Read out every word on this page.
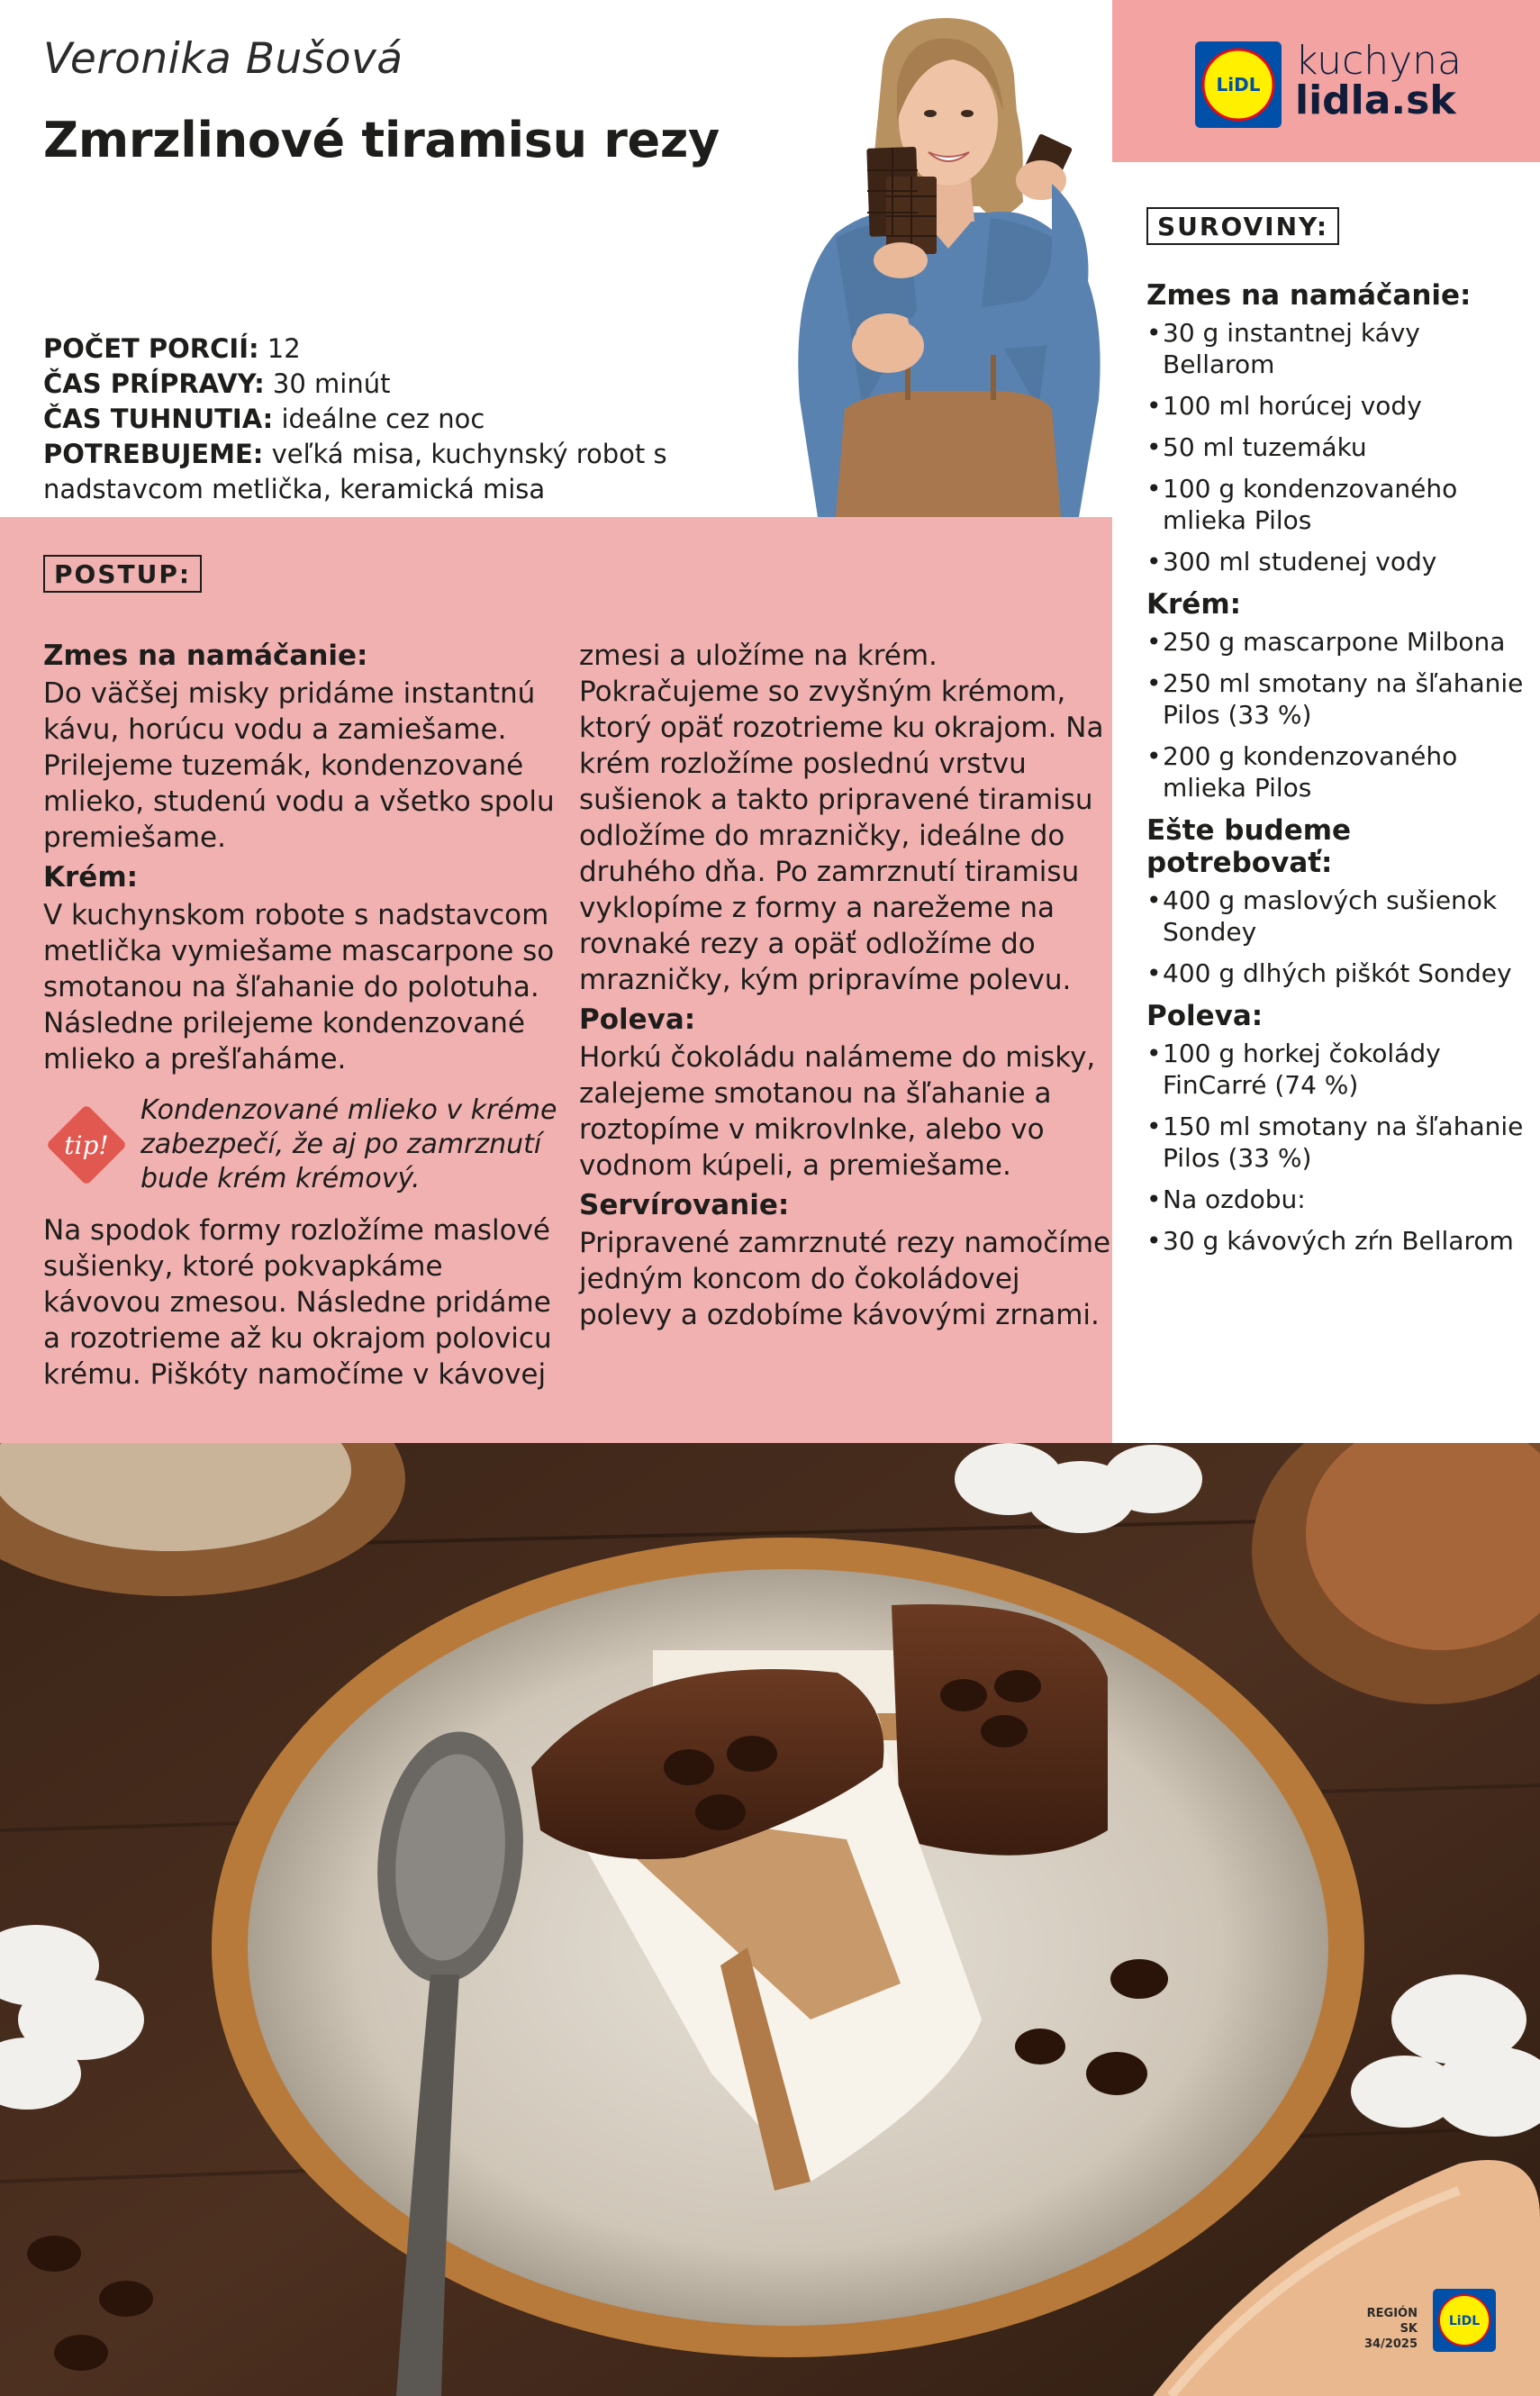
Veronika Bušová
Zmrzlinové tiramisu rezy
POČET PORCIÍ: 12
ČAS PRÍPRAVY: 30 minút
ČAS TUHNUTIA: ideálne cez noc
POTREBUJEME: veľká misa, kuchynský robot s nadstavcom metlička, keramická misa
LiDL
kuchyna
lidla.sk
SUROVINY:
Zmes na namáčanie:
• 30 g instantnej kávy Bellarom
• 100 ml horúcej vody
• 50 ml tuzemáku
• 100 g kondenzovaného mlieka Pilos
• 300 ml studenej vody
Krém:
• 250 g mascarpone Milbona
• 250 ml smotany na šľahanie Pilos (33 %)
• 200 g kondenzovaného mlieka Pilos
Ešte budeme potrebovať:
• 400 g maslových sušienok Sondey
• 400 g dlhých piškót Sondey
Poleva:
• 100 g horkej čokolády FinCarré (74 %)
• 150 ml smotany na šľahanie Pilos (33 %)
• Na ozdobu:
• 30 g kávových zŕn Bellarom
POSTUP:
Zmes na namáčanie:

Do väčšej misky pridáme instantnú kávu, horúcu vodu a zamiešame. Prilejeme tuzemák, kondenzované mlieko, studenú vodu a všetko spolu premiešame.

Krém:

V kuchynskom robote s nadstavcom metlička vymiešame mascarpone so smotanou na šľahanie do polotuha. Následne prilejeme kondenzované mlieko a prešľaháme.

tip!

Kondenzované mlieko v kréme zabezpečí, že aj po zamrznutí bude krém krémový.

Na spodok formy rozložíme maslové sušienky, ktoré pokvapkáme kávovou zmesou. Následne pridáme a rozotrieme až ku okrajom polovicu krému. Piškóty namočíme v kávovej

zmesi a uložíme na krém. Pokračujeme so zvyšným krémom, ktorý opäť rozotrieme ku okrajom. Na krém rozložíme poslednú vrstvu sušienok a takto pripravené tiramisu odložíme do mrazničky, ideálne do druhého dňa. Po zamrznutí tiramisu vyklopíme z formy a narežeme na rovnaké rezy a opäť odložíme do mrazničky, kým pripravíme polevu.

Poleva:

Horkú čokoládu nalámeme do misky, zalejeme smotanou na šľahanie a roztopíme v mikrovlnke, alebo vo vodnom kúpeli, a premiešame.

Servírovanie:

Pripravené zamrznuté rezy namočíme jedným koncom do čokoládovej polevy a ozdobíme kávovými zrnami.

REGIÓN SK
34/2025
LiDL
